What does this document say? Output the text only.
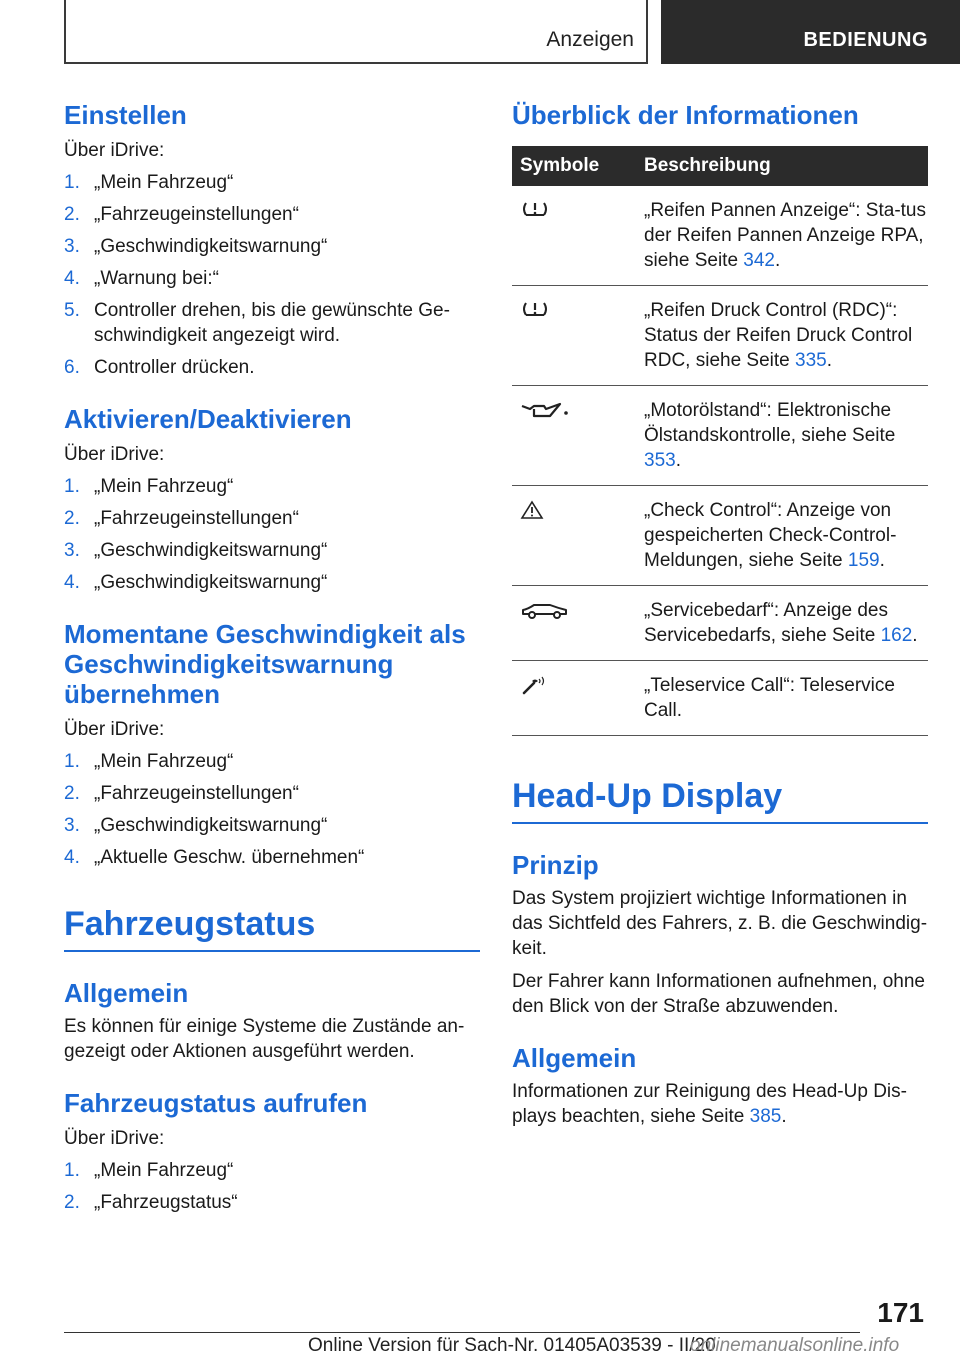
Anzeigen	BEDIENUNG
Einstellen

Über iDrive:

1. „Mein Fahrzeug“
2. „Fahrzeugeinstellungen“
3. „Geschwindigkeitswarnung“
4. „Warnung bei:“
5. Controller drehen, bis die gewünschte Ge-schwindigkeit angezeigt wird.
6. Controller drücken.
Aktivieren/Deaktivieren

Über iDrive:

1. „Mein Fahrzeug“
2. „Fahrzeugeinstellungen“
3. „Geschwindigkeitswarnung“
4. „Geschwindigkeitswarnung“
Momentane Geschwindigkeit als Geschwindigkeitswarnung übernehmen

Über iDrive:

1. „Mein Fahrzeug“
2. „Fahrzeugeinstellungen“
3. „Geschwindigkeitswarnung“
4. „Aktuelle Geschw. übernehmen“
Fahrzeugstatus
Allgemein

Es können für einige Systeme die Zustände an-gezeigt oder Aktionen ausgeführt werden.

Fahrzeugstatus aufrufen

Über iDrive:

1. „Mein Fahrzeug“
2. „Fahrzeugstatus“
Überblick der Informationen
Symbole	Beschreibung

	„Reifen Pannen Anzeige“: Sta-tus der Reifen Pannen Anzeige RPA, siehe Seite 342.

	„Reifen Druck Control (RDC)“: Status der Reifen Druck Control RDC, siehe Seite 335.

	„Motorölstand“: Elektronische Ölstandskontrolle, siehe Seite 353.

	„Check Control“: Anzeige von gespeicherten Check-Control-Meldungen, siehe Seite 159.

	„Servicebedarf“: Anzeige des Servicebedarfs, siehe Seite 162.

	„Teleservice Call“: Teleservice Call.
Head-Up Display
Prinzip

Das System projiziert wichtige Informationen in das Sichtfeld des Fahrers, z. B. die Geschwindig-keit.

Der Fahrer kann Informationen aufnehmen, ohne den Blick von der Straße abzuwenden.

Allgemein

Informationen zur Reinigung des Head-Up Dis-plays beachten, siehe Seite 385.

171
Online Version für Sach-Nr. 01405A03539 - II/20
onlinemanualsonline.info
